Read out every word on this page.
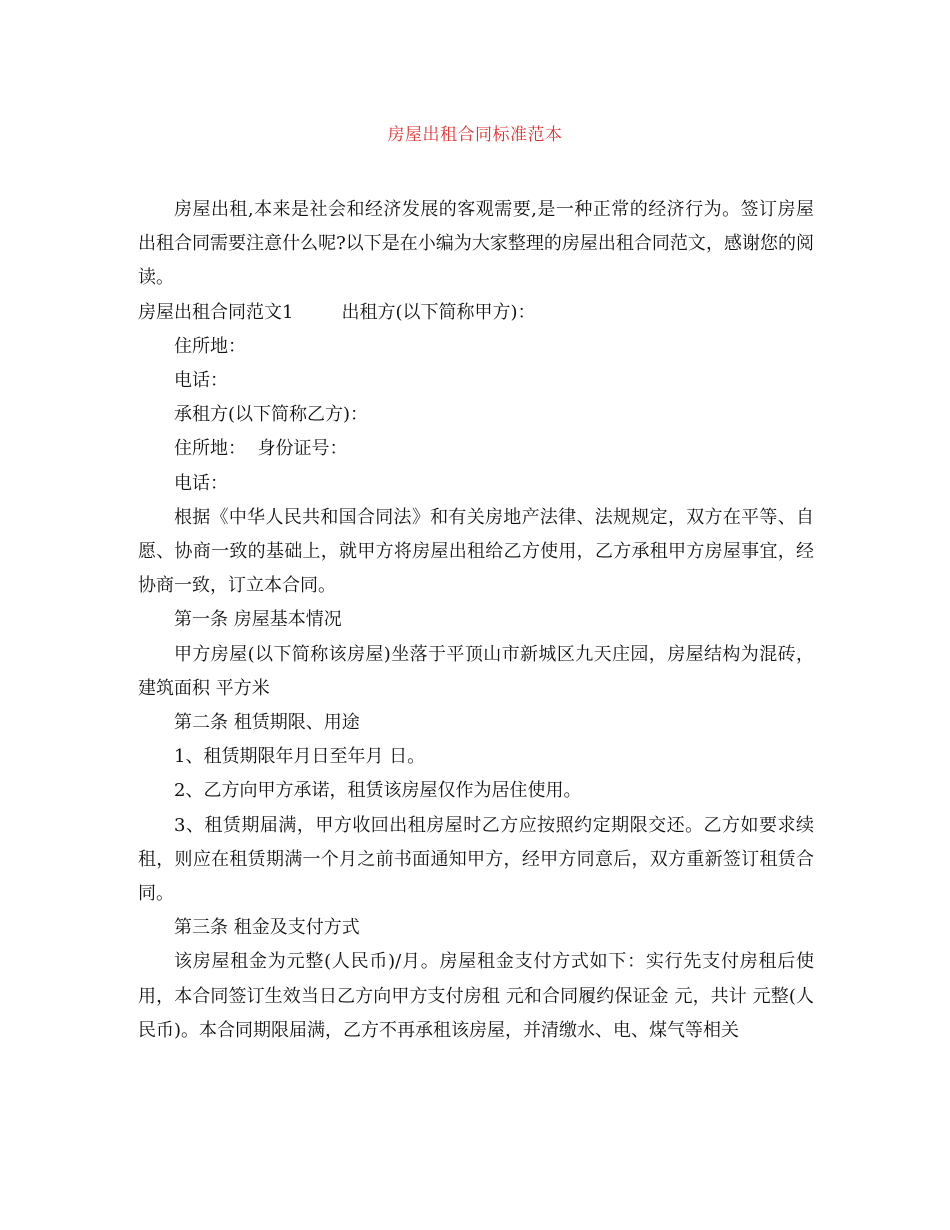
房屋出租合同标准范本

房屋出租,本来是社会和经济发展的客观需要,是一种正常的经济行为。签订房屋出租合同需要注意什么呢?以下是在小编为大家整理的房屋出租合同范文，感谢您的阅读。

房屋出租合同范文1	出租方(以下简称甲方)：

住所地：

电话：

承租方(以下简称乙方)：

住所地：  身份证号：

电话：

根据《中华人民共和国合同法》和有关房地产法律、法规规定，双方在平等、自愿、协商一致的基础上，就甲方将房屋出租给乙方使用，乙方承租甲方房屋事宜，经协商一致，订立本合同。

第一条 房屋基本情况

甲方房屋(以下简称该房屋)坐落于平顶山市新城区九天庄园，房屋结构为混砖，建筑面积 平方米

第二条 租赁期限、用途

1、租赁期限年月日至年月 日。

2、乙方向甲方承诺，租赁该房屋仅作为居住使用。

3、租赁期届满，甲方收回出租房屋时乙方应按照约定期限交还。乙方如要求续租，则应在租赁期满一个月之前书面通知甲方，经甲方同意后，双方重新签订租赁合同。

第三条 租金及支付方式

该房屋租金为元整(人民币)/月。房屋租金支付方式如下：实行先支付房租后使用，本合同签订生效当日乙方向甲方支付房租 元和合同履约保证金 元，共计 元整(人民币)。本合同期限届满，乙方不再承租该房屋，并清缴水、电、煤气等相关
